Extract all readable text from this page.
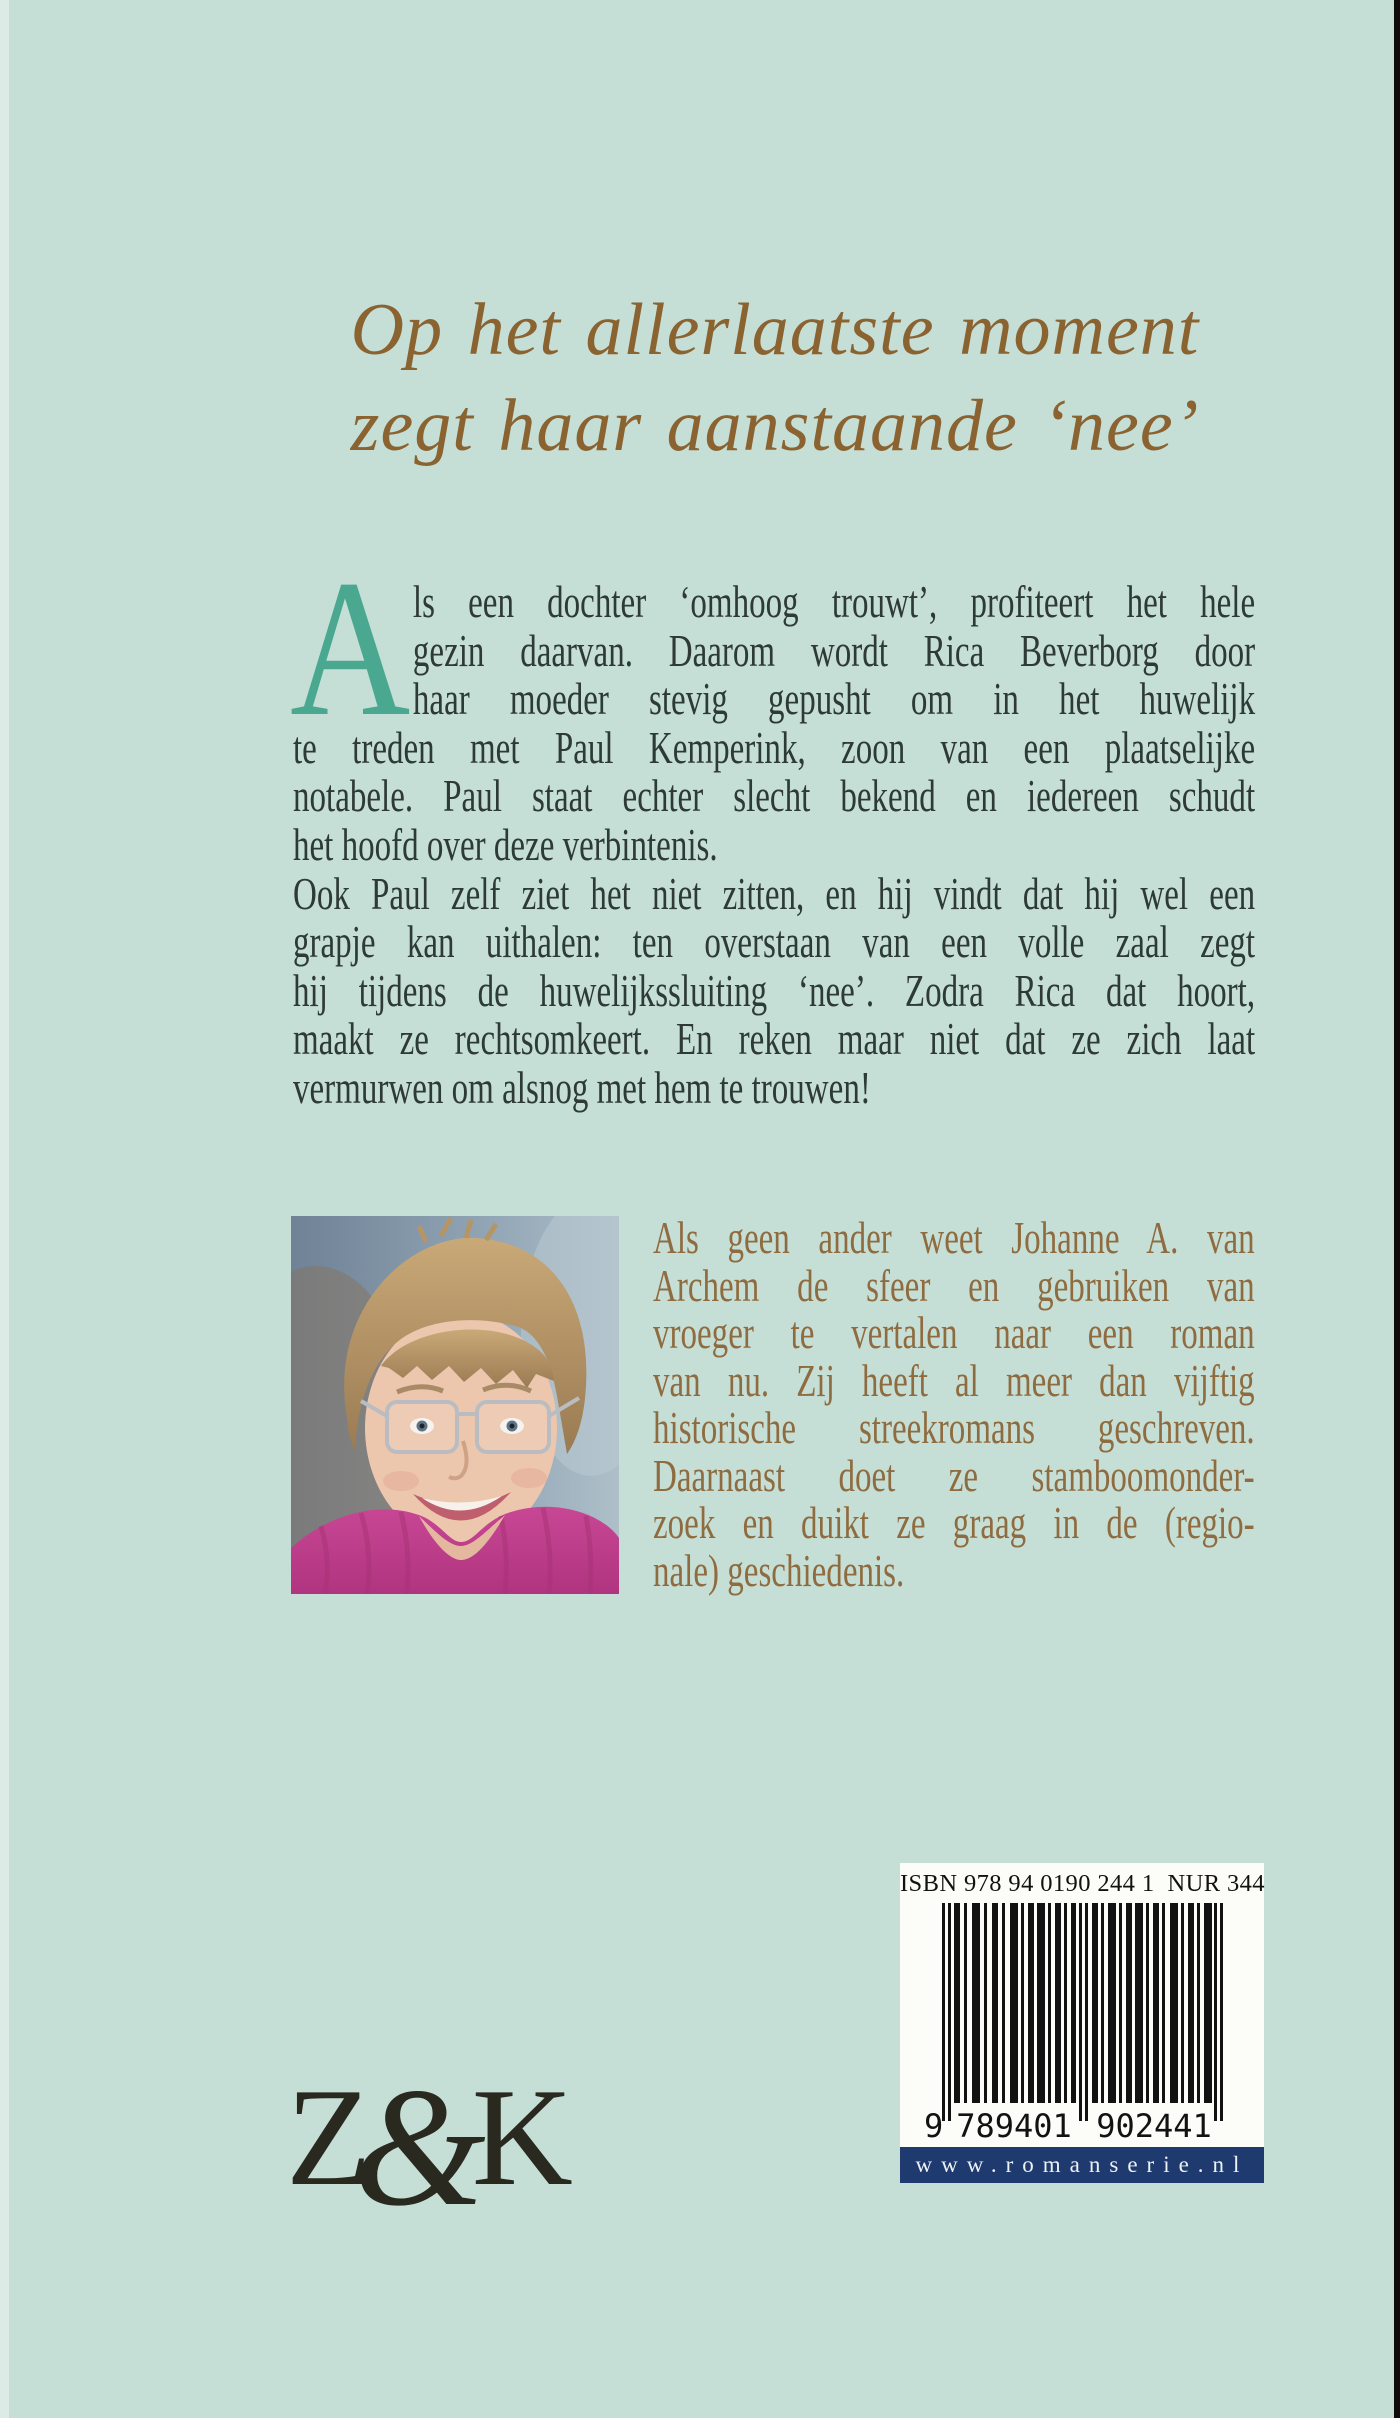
Op het allerlaatste moment
zegt haar aanstaande ‘nee’
A ls een dochter ‘omhoog trouwt’, profiteert het hele
gezin daarvan. Daarom wordt Rica Beverborg door
haar moeder stevig gepusht om in het huwelijk
te treden met Paul Kemperink, zoon van een plaatselijke
notabele. Paul staat echter slecht bekend en iedereen schudt
het hoofd over deze verbintenis.
Ook Paul zelf ziet het niet zitten, en hij vindt dat hij wel een
grapje kan uithalen: ten overstaan van een volle zaal zegt
hij tijdens de huwelijkssluiting ‘nee’. Zodra Rica dat hoort,
maakt ze rechtsomkeert. En reken maar niet dat ze zich laat
vermurwen om alsnog met hem te trouwen!
Als geen ander weet Johanne A. van
Archem de sfeer en gebruiken van
vroeger te vertalen naar een roman
van nu. Zij heeft al meer dan vijftig
historische streekromans geschreven.
Daarnaast doet ze stamboomonder-
zoek en duikt ze graag in de (regio-
nale) geschiedenis.
Z&K
ISBN 978 94 0190 244 1  NUR 344
9 789401 902441
www.romanserie.nl
